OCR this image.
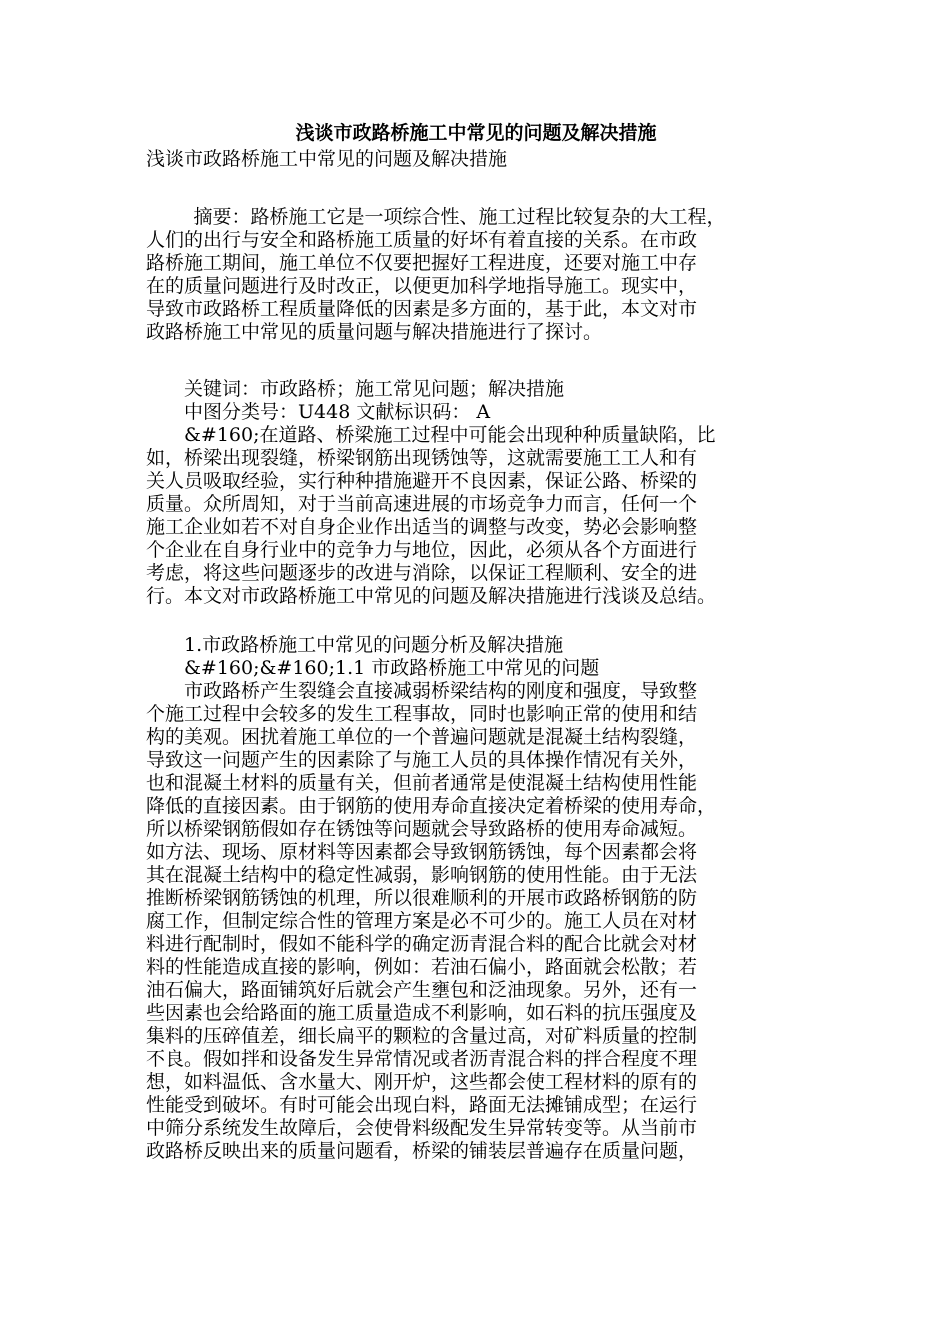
浅谈市政路桥施工中常见的问题及解决措施

浅谈市政路桥施工中常见的问题及解决措施

摘要：路桥施工它是一项综合性、施工过程比较复杂的大工程，
人们的出行与安全和路桥施工质量的好坏有着直接的关系。在市政
路桥施工期间，施工单位不仅要把握好工程进度，还要对施工中存
在的质量问题进行及时改正，以便更加科学地指导施工。现实中，
导致市政路桥工程质量降低的因素是多方面的，基于此，本文对市
政路桥施工中常见的质量问题与解决措施进行了探讨。
关键词：市政路桥；施工常见问题；解决措施
中图分类号：U448 文献标识码： A
&#160;在道路、桥梁施工过程中可能会出现种种质量缺陷，比
如，桥梁出现裂缝，桥梁钢筋出现锈蚀等，这就需要施工工人和有
关人员吸取经验，实行种种措施避开不良因素，保证公路、桥梁的
质量。众所周知，对于当前高速进展的市场竞争力而言，任何一个
施工企业如若不对自身企业作出适当的调整与改变，势必会影响整
个企业在自身行业中的竞争力与地位，因此，必须从各个方面进行
考虑，将这些问题逐步的改进与消除，以保证工程顺利、安全的进
行。本文对市政路桥施工中常见的问题及解决措施进行浅谈及总结。
1.市政路桥施工中常见的问题分析及解决措施
&#160;&#160;1.1 市政路桥施工中常见的问题
市政路桥产生裂缝会直接减弱桥梁结构的刚度和强度，导致整
个施工过程中会较多的发生工程事故，同时也影响正常的使用和结
构的美观。困扰着施工单位的一个普遍问题就是混凝土结构裂缝，
导致这一问题产生的因素除了与施工人员的具体操作情况有关外，
也和混凝土材料的质量有关，但前者通常是使混凝土结构使用性能
降低的直接因素。由于钢筋的使用寿命直接决定着桥梁的使用寿命，
所以桥梁钢筋假如存在锈蚀等问题就会导致路桥的使用寿命减短。
如方法、现场、原材料等因素都会导致钢筋锈蚀，每个因素都会将
其在混凝土结构中的稳定性减弱，影响钢筋的使用性能。由于无法
推断桥梁钢筋锈蚀的机理，所以很难顺利的开展市政路桥钢筋的防
腐工作，但制定综合性的管理方案是必不可少的。施工人员在对材
料进行配制时，假如不能科学的确定沥青混合料的配合比就会对材
料的性能造成直接的影响，例如：若油石偏小，路面就会松散；若
油石偏大，路面铺筑好后就会产生壅包和泛油现象。另外，还有一
些因素也会给路面的施工质量造成不利影响，如石料的抗压强度及
集料的压碎值差，细长扁平的颗粒的含量过高，对矿料质量的控制
不良。假如拌和设备发生异常情况或者沥青混合料的拌合程度不理
想，如料温低、含水量大、刚开炉，这些都会使工程材料的原有的
性能受到破坏。有时可能会出现白料，路面无法摊铺成型；在运行
中筛分系统发生故障后，会使骨料级配发生异常转变等。从当前市
政路桥反映出来的质量问题看，桥梁的铺装层普遍存在质量问题，
